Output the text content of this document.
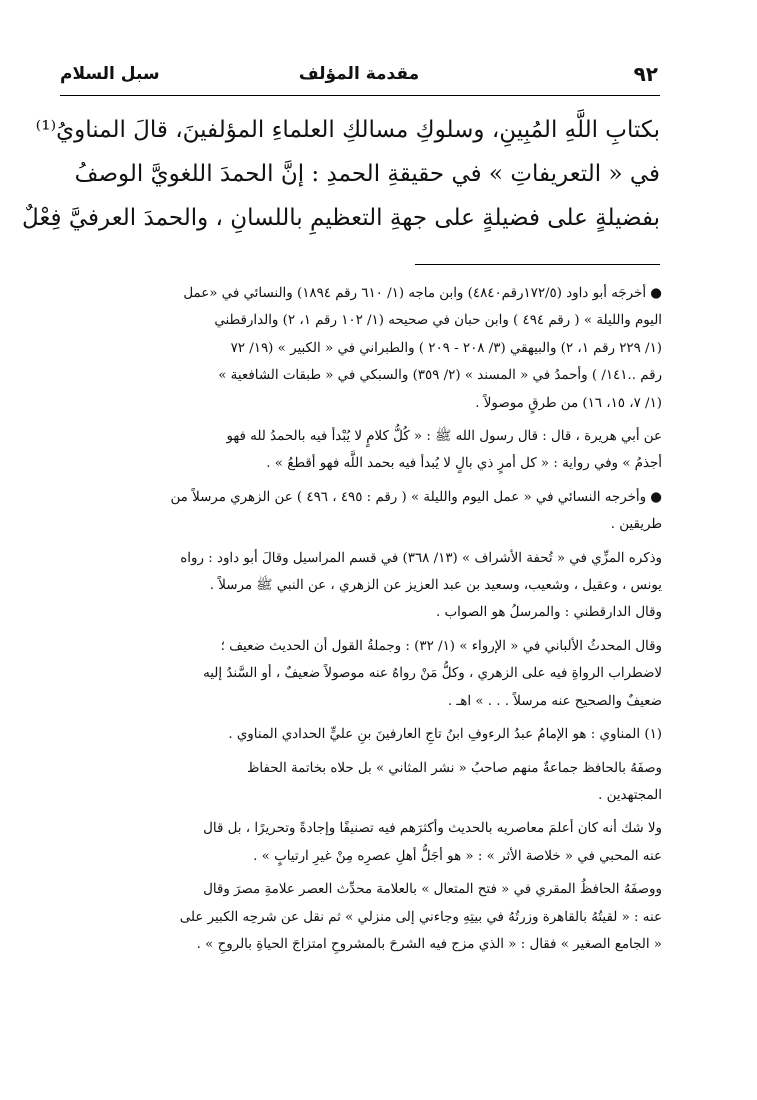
٩٢
مقدمة المؤلف
سبل السلام
بكتابِ اللَّهِ المُبِينِ، وسلوكِ مسالكِ العلماءِ المؤلفينَ، قالَ المناويُ⁽¹⁾
في « التعريفاتِ » في حقيقةِ الحمدِ : إنَّ الحمدَ اللغويَّ الوصفُ
بفضيلةٍ على فضيلةٍ على جهةِ التعظيمِ باللسانِ ، والحمدَ العرفيَّ فِعْلٌ
● أخرجَه أبو داود (١٧٢/٥رقم٤٨٤٠) وابن ماجه (١/ ٦١٠ رقم ١٨٩٤) والنسائي في «عمل
اليوم والليلة » ( رقم ٤٩٤ ) وابن حبان في صحيحه (١/ ١٠٢ رقم ١، ٢) والدارقطني
(١/ ٢٢٩ رقم ١، ٢) والبيهقي (٣/ ٢٠٨ - ٢٠٩ ) والطبراني في « الكبير » (١٩/ ٧٢
رقم ..١٤١/ ) وأحمدُ في « المسند » (٢/ ٣٥٩) والسبكي في « طبقات الشافعية »
(١/ ٧، ١٥، ١٦) من طرقٍ موصولاً .
عن أبي هريرة ، قال : قال رسول الله ﷺ : « كُلُّ كلامٍ لا يُبْدأ فيه بالحمدُ لله فهو
أجذمُ » وفي رواية : « كل أمرٍ ذي بالٍ لا يُبدأ فيه بحمد اللَّه فهو أقطعُ » .
● وأخرجه النسائي في « عمل اليوم والليلة » ( رقم : ٤٩٥ ، ٤٩٦ ) عن الزهري مرسلاً من
طريقين .
وذكره المزِّي في « تُحفة الأشراف » (١٣/ ٣٦٨) في قسم المراسيل وقالَ أبو داود : رواه
يونس ، وعقيل ، وشعيب، وسعيد بن عبد العزيز عن الزهري ، عن النبي ﷺ مرسلاً .
وقال الدارقطني : والمرسلُ هو الصواب .
وقال المحدثُ الألباني في « الإرواء » (١/ ٣٢) : وجملةُ القول أن الحديث ضعيف ؛
لاضطراب الرواةِ فيه على الزهري ، وكلُّ مَنْ رواهُ عنه موصولاً ضعيفٌ ، أو السَّندُ إليه
ضعيفٌ والصحيح عنه مرسلاً . . . » اهـ .
(١) المناوي : هو الإمامُ عبدُ الرءوفِ ابنُ تاجِ العارفينَ بنِ عليٍّ الحدادي المناوي .
وصفَهُ بالحافظ جماعةٌ منهم صاحبُ « نشر المثاني » بل حلاه بخاتمة الحفاظ
المجتهدين .
ولا شك أنه كان أعلمَ معاصريه بالحديث وأكثرَهم فيه تصنيفًا وإجادةً وتحريرًا ، بل قال
عنه المحبي في « خلاصة الأثر » : « هو أجَلُّ أهلِ عصرِه مِنْ غيرِ ارتيابٍ » .
ووصفَهُ الحافظُ المقري في « فتح المتعال » بالعلامة محدِّث العصر علامةِ مصرَ وقال
عنه : « لقيتُهُ بالقاهرة وزرتُهُ في بيتِهِ وجاءني إلى منزلي » ثم نقل عن شرحِه الكبير على
« الجامع الصغير » فقال : « الذي مزج فيه الشرحَ بالمشروحِ امتزاجَ الحياةِ بالروحِ » .
